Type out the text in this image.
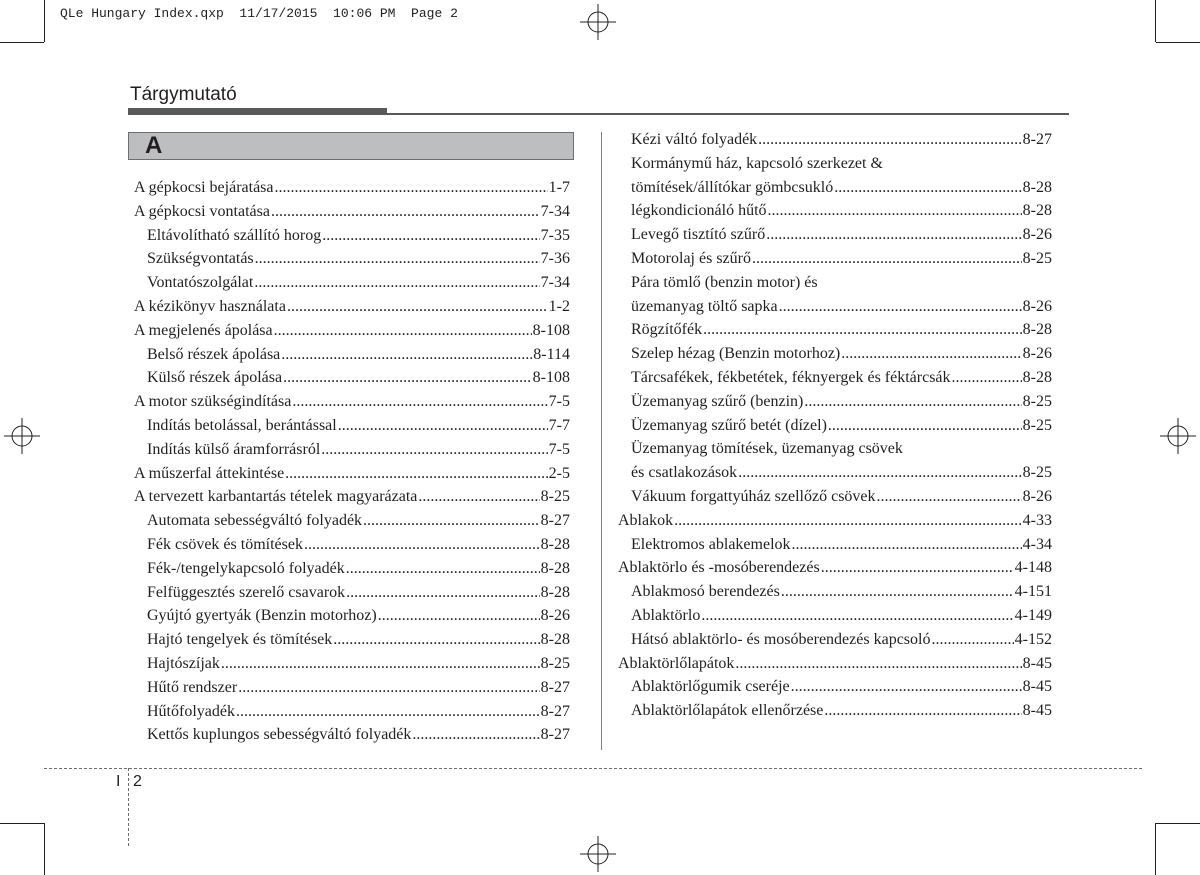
QLe Hungary Index.qxp  11/17/2015  10:06 PM  Page 2
Tárgymutató
A
A gépkocsi bejáratása .....	1-7
A gépkocsi vontatása .....	7-34
Eltávolítható szállító horog .....	7-35
Szükségvontatás .....	7-36
Vontatószolgálat .....	7-34
A kézikönyv használata .....	1-2
A megjelenés ápolása .....	8-108
Belső részek ápolása .....	8-114
Külső részek ápolása .....	8-108
A motor szükségindítása .....	7-5
Indítás betolással, berántással .....	7-7
Indítás külső áramforrásról .....	7-5
A műszerfal áttekintése .....	2-5
A tervezett karbantartás tételek magyarázata .....	8-25
Automata sebességváltó folyadék .....	8-27
Fék csövek és tömítések .....	8-28
Fék-/tengelykapcsoló folyadék .....	8-28
Felfüggesztés szerelő csavarok .....	8-28
Gyújtó gyertyák (Benzin motorhoz) .....	8-26
Hajtó tengelyek és tömítések .....	8-28
Hajtószíjak .....	8-25
Hűtő rendszer .....	8-27
Hűtőfolyadék .....	8-27
Kettős kuplungos sebességváltó folyadék .....	8-27
Kézi váltó folyadék .....	8-27
Kormánymű ház, kapcsoló szerkezet &
tömítések/állítókar gömbcsukló .....	8-28
légkondicionáló hűtő .....	8-28
Levegő tisztító szűrő .....	8-26
Motorolaj és szűrő .....	8-25
Pára tömlő (benzin motor) és
üzemanyag töltő sapka .....	8-26
Rögzítőfék .....	8-28
Szelep hézag (Benzin motorhoz) .....	8-26
Tárcsafékek, fékbetétek, féknyergek és féktárcsák .....	8-28
Üzemanyag szűrő (benzin) .....	8-25
Üzemanyag szűrő betét (dízel) .....	8-25
Üzemanyag tömítések, üzemanyag csövek
és csatlakozások .....	8-25
Vákuum forgattyúház szellőző csövek .....	8-26
Ablakok .....	4-33
Elektromos ablakemelok .....	4-34
Ablaktörlo és -mosóberendezés .....	4-148
Ablakmosó berendezés .....	4-151
Ablaktörlo .....	4-149
Hátsó ablaktörlo- és mosóberendezés kapcsoló .....	4-152
Ablaktörlőlapátok .....	8-45
Ablaktörlőgumik cseréje .....	8-45
Ablaktörlőlapátok ellenőrzése .....	8-45
I 2
